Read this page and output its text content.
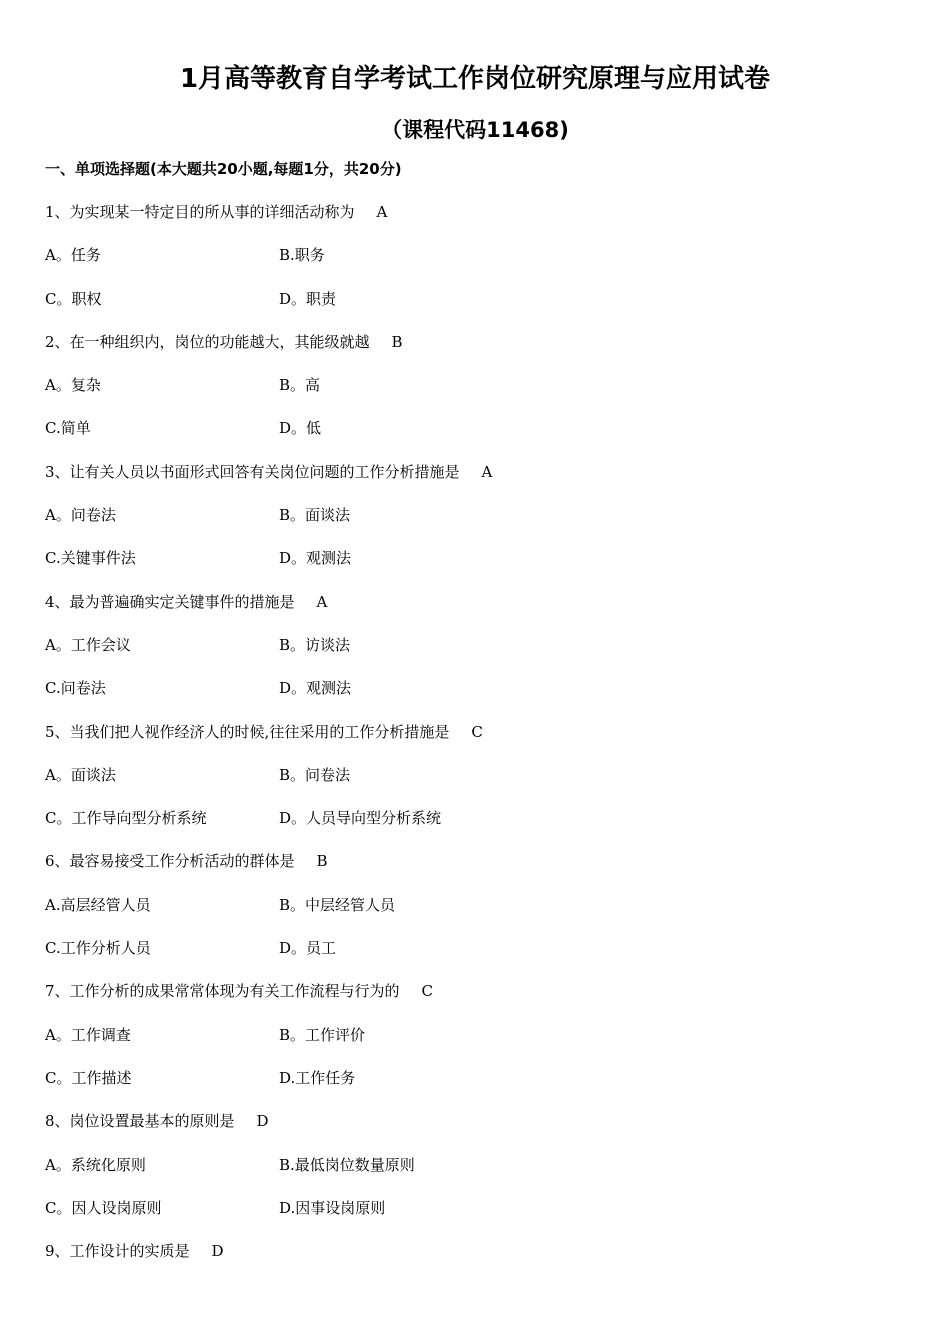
1月高等教育自学考试工作岗位研究原理与应用试卷
（课程代码11468)
一、单项选择题(本大题共20小题,每题1分，共20分)
1、为实现某一特定目的所从事的详细活动称为 A
A。任务	B.职务
C。职权	D。职责
2、在一种组织内，岗位的功能越大，其能级就越 B
A。复杂	B。高
C.简单	D。低
3、让有关人员以书面形式回答有关岗位问题的工作分析措施是 A
A。问卷法	B。面谈法
C.关键事件法	D。观测法
4、最为普遍确实定关键事件的措施是 A
A。工作会议	B。访谈法
C.问卷法	D。观测法
5、当我们把人视作经济人的时候,往往采用的工作分析措施是 C
A。面谈法	B。问卷法
C。工作导向型分析系统	D。人员导向型分析系统
6、最容易接受工作分析活动的群体是 B
A.高层经管人员	B。中层经管人员
C.工作分析人员	D。员工
7、工作分析的成果常常体现为有关工作流程与行为的 C
A。工作调查	B。工作评价
C。工作描述	D.工作任务
8、岗位设置最基本的原则是 D
A。系统化原则	B.最低岗位数量原则
C。因人设岗原则	D.因事设岗原则
9、工作设计的实质是 D
